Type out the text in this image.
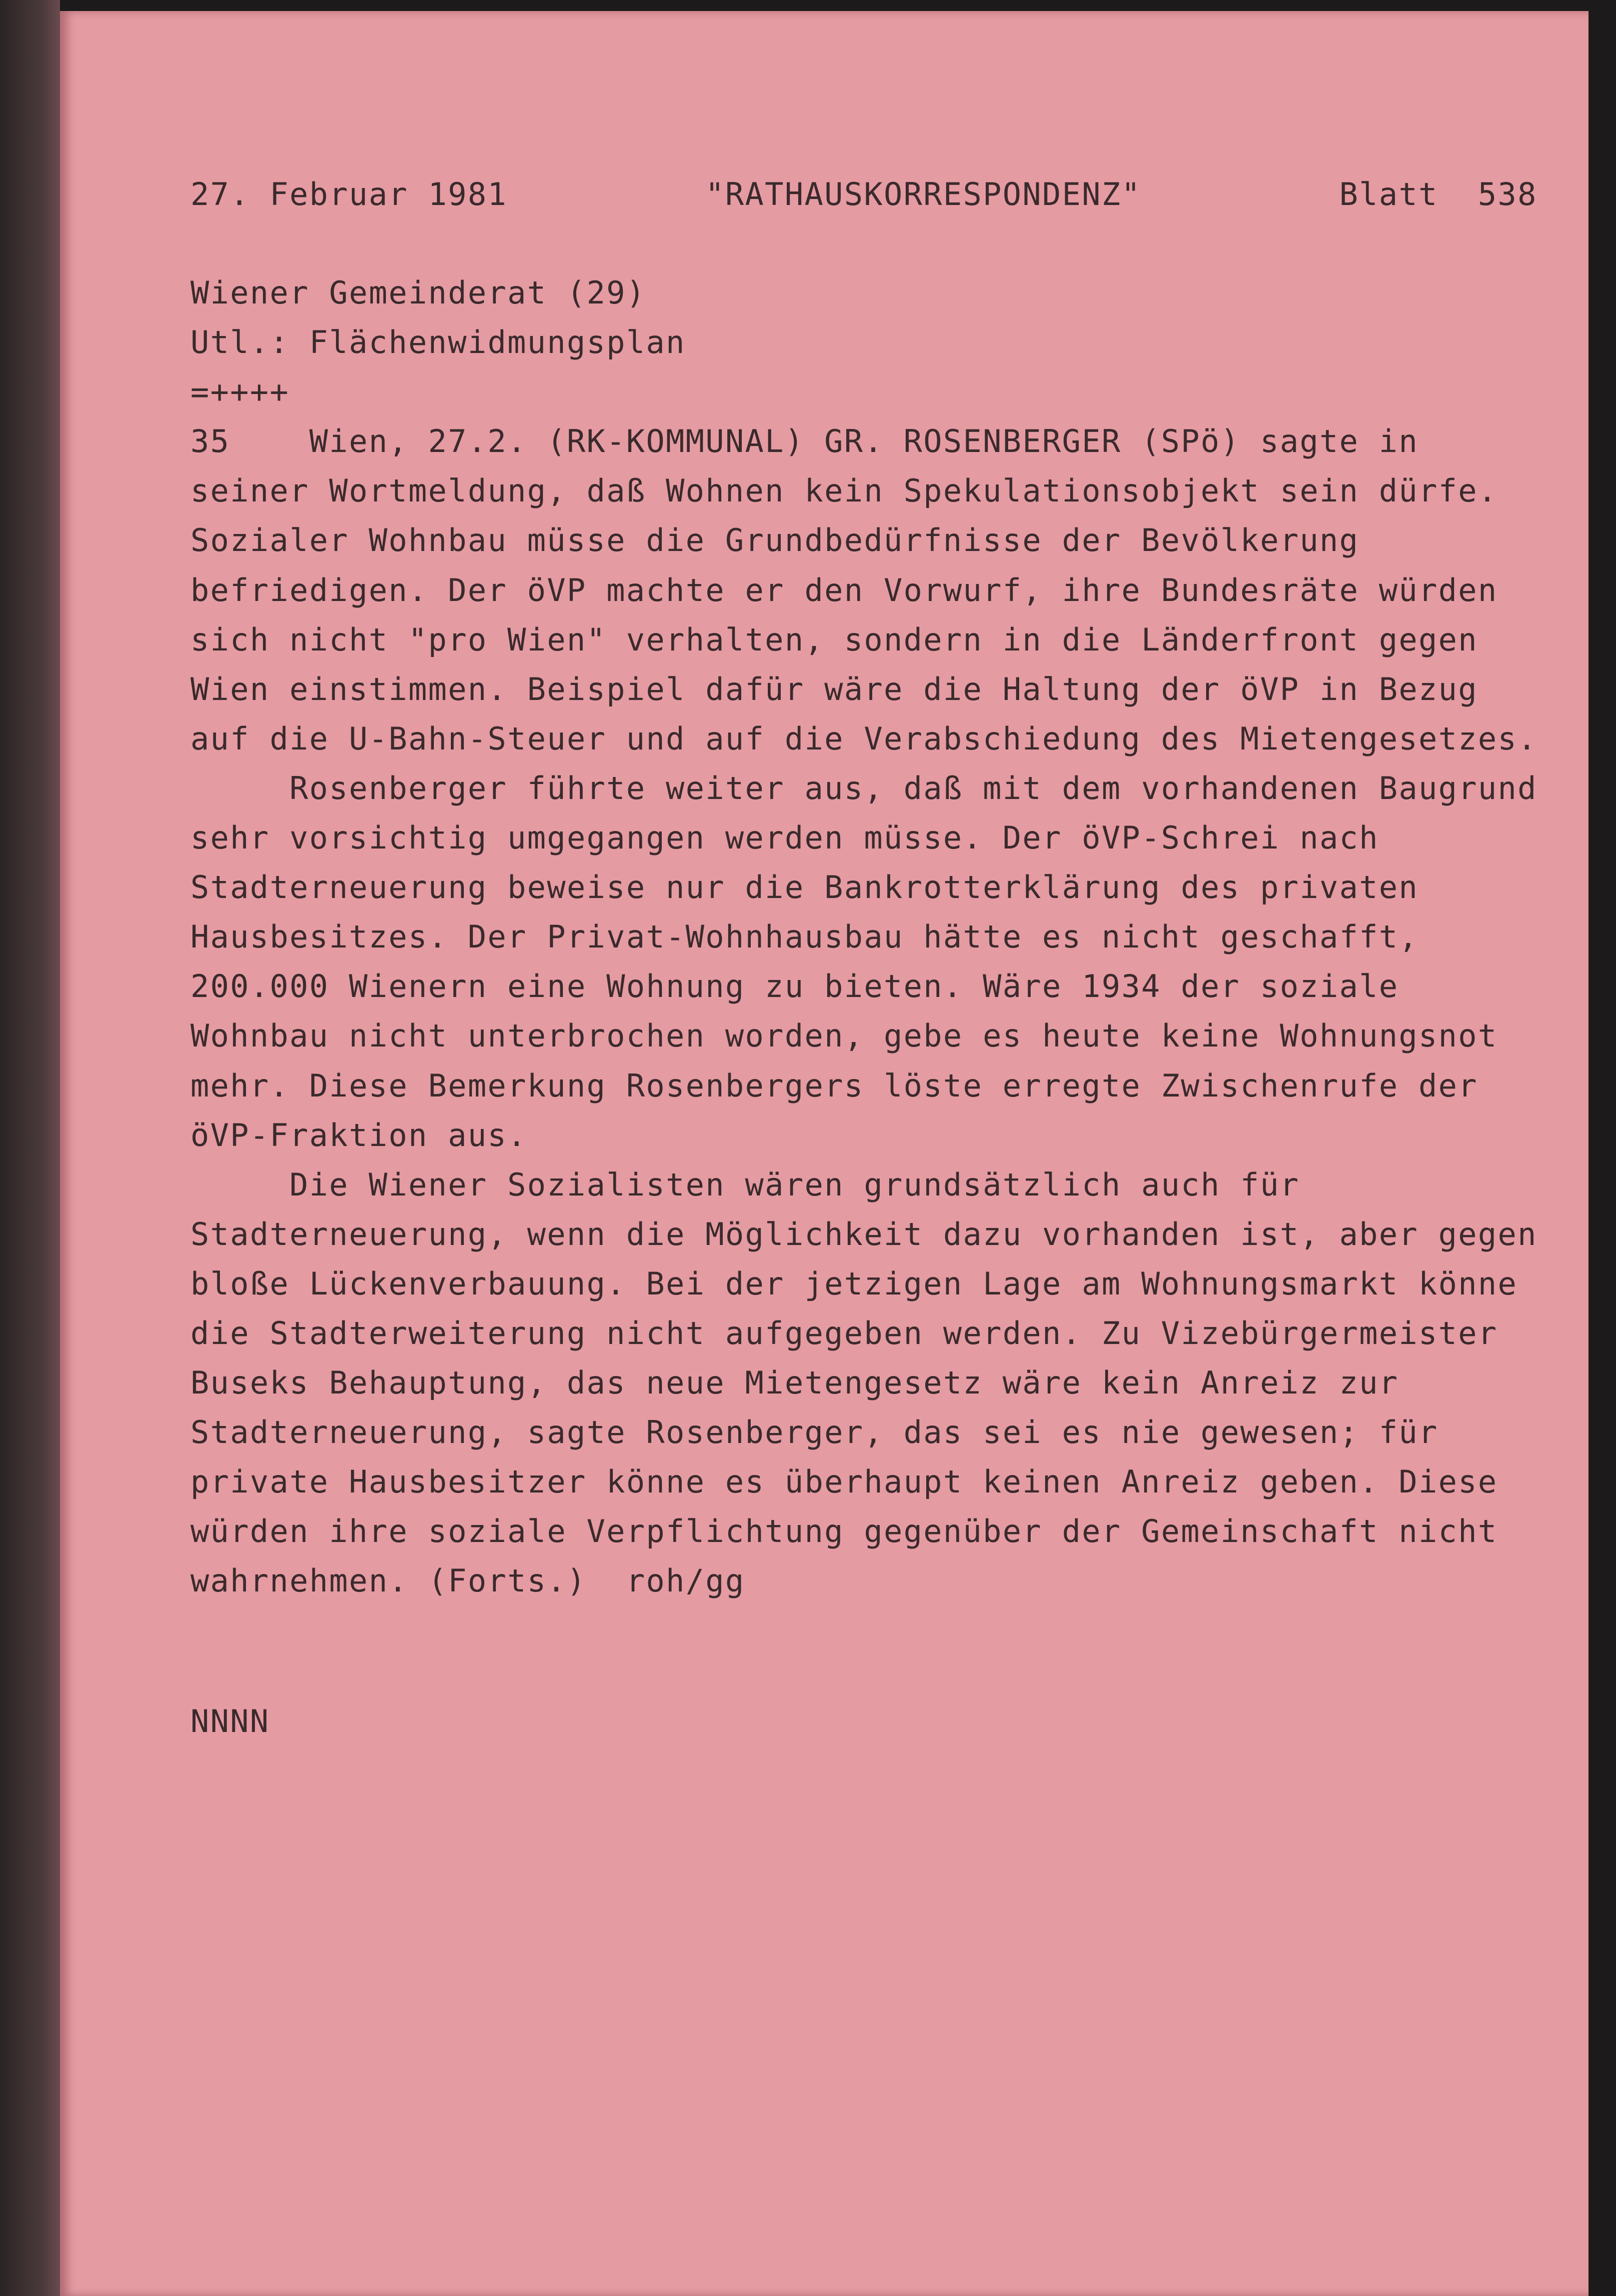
27. Februar 1981          "RATHAUSKORRESPONDENZ"          Blatt  538

Wiener Gemeinderat (29)
Utl.: Flächenwidmungsplan
=++++
35    Wien, 27.2. (RK-KOMMUNAL) GR. ROSENBERGER (SPö) sagte in
seiner Wortmeldung, daß Wohnen kein Spekulationsobjekt sein dürfe.
Sozialer Wohnbau müsse die Grundbedürfnisse der Bevölkerung
befriedigen. Der öVP machte er den Vorwurf, ihre Bundesräte würden
sich nicht "pro Wien" verhalten, sondern in die Länderfront gegen
Wien einstimmen. Beispiel dafür wäre die Haltung der öVP in Bezug
auf die U-Bahn-Steuer und auf die Verabschiedung des Mietengesetzes.
Rosenberger führte weiter aus, daß mit dem vorhandenen Baugrund
sehr vorsichtig umgegangen werden müsse. Der öVP-Schrei nach
Stadterneuerung beweise nur die Bankrotterklärung des privaten
Hausbesitzes. Der Privat-Wohnhausbau hätte es nicht geschafft,
200.000 Wienern eine Wohnung zu bieten. Wäre 1934 der soziale
Wohnbau nicht unterbrochen worden, gebe es heute keine Wohnungsnot
mehr. Diese Bemerkung Rosenbergers löste erregte Zwischenrufe der
öVP-Fraktion aus.
Die Wiener Sozialisten wären grundsätzlich auch für
Stadterneuerung, wenn die Möglichkeit dazu vorhanden ist, aber gegen
bloße Lückenverbauung. Bei der jetzigen Lage am Wohnungsmarkt könne
die Stadterweiterung nicht aufgegeben werden. Zu Vizebürgermeister
Buseks Behauptung, das neue Mietengesetz wäre kein Anreiz zur
Stadterneuerung, sagte Rosenberger, das sei es nie gewesen; für
private Hausbesitzer könne es überhaupt keinen Anreiz geben. Diese
würden ihre soziale Verpflichtung gegenüber der Gemeinschaft nicht
wahrnehmen. (Forts.)  roh/gg

NNNN
